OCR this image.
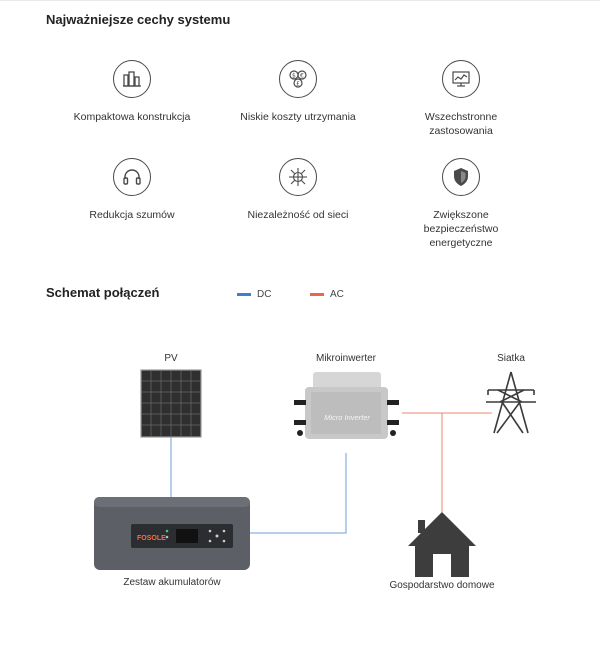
Najważniejsze cechy systemu
Kompaktowa konstrukcja
$ €
£
Niskie koszty utrzymania	Wszechstronne zastosowania
Redukcja szumów	Niezależność od sieci	Zwiększone bezpieczeństwo energetyczne
Schemat połączeń	DC	AC
Micro Inverter
FOSOLE
PV	Mikroinwerter	Siatka
Zestaw akumulatorów	Gospodarstwo domowe
